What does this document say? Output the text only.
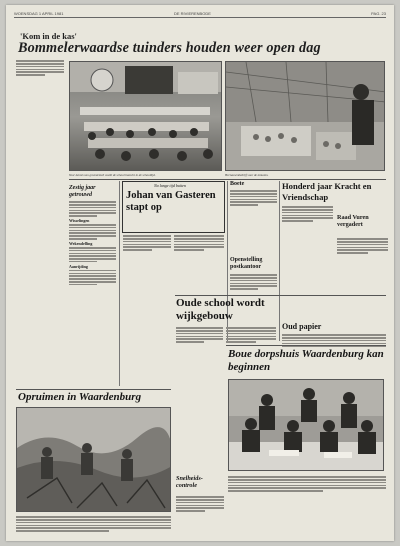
WOENSDAG 1 APRIL 1981	DE RIVIERENBODE	PAG. 23
'Kom in de kas'
Bommelerwaardse tuinders houden weer open dag
Voor kennis van groenteteelt wordt de school bezocht in de schooltijd.	Het kassenbedrijf voor de tomaten.
Zestig jaar getrouwd
Wisselingen
Wekendelling
Aanrijding
Na lange tijd buiten
Johan van Gasteren stapt op
Boete
Openstelling postkantoor
Honderd jaar Kracht en Vriendschap
Raad Vuren vergadert
Oude school wordt wijkgebouw
Oud papier
Boue dorpshuis Waardenburg kan beginnen
Opruimen in Waardenburg
Snelheids- controle
